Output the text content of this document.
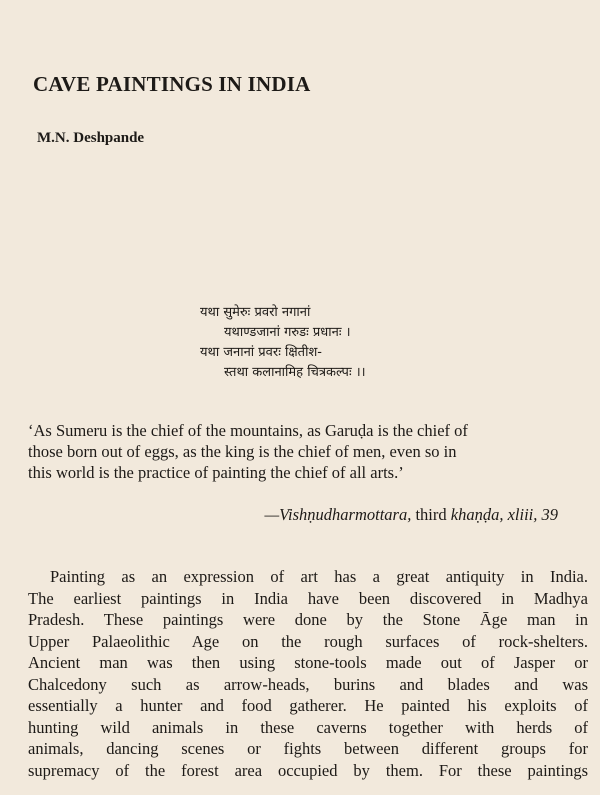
CAVE PAINTINGS IN INDIA

M.N. Deshpande

यथा सुमेरुः प्रवरो नगानां
यथाण्डजानां गरुडः प्रधानः ।
यथा जनानां प्रवरः क्षितीश-
स्तथा कलानामिह चित्रकल्पः ।।
‘As Sumeru is the chief of the mountains, as Garuḍa is the chief of
those born out of eggs, as the king is the chief of men, even so in
this world is the practice of painting the chief of all arts.’
—Vishṇudharmottara, third khaṇḍa, xliii, 39
Painting as an expression of art has a great antiquity in India.
The earliest paintings in India have been discovered in Madhya
Pradesh. These paintings were done by the Stone Āge man in
Upper Palaeolithic Age on the rough surfaces of rock-shelters.
Ancient man was then using stone-tools made out of Jasper or
Chalcedony such as arrow-heads, burins and blades and was
essentially a hunter and food gatherer. He painted his exploits of
hunting wild animals in these caverns together with herds of
animals, dancing scenes or fights between different groups for
supremacy of the forest area occupied by them. For these paintings
